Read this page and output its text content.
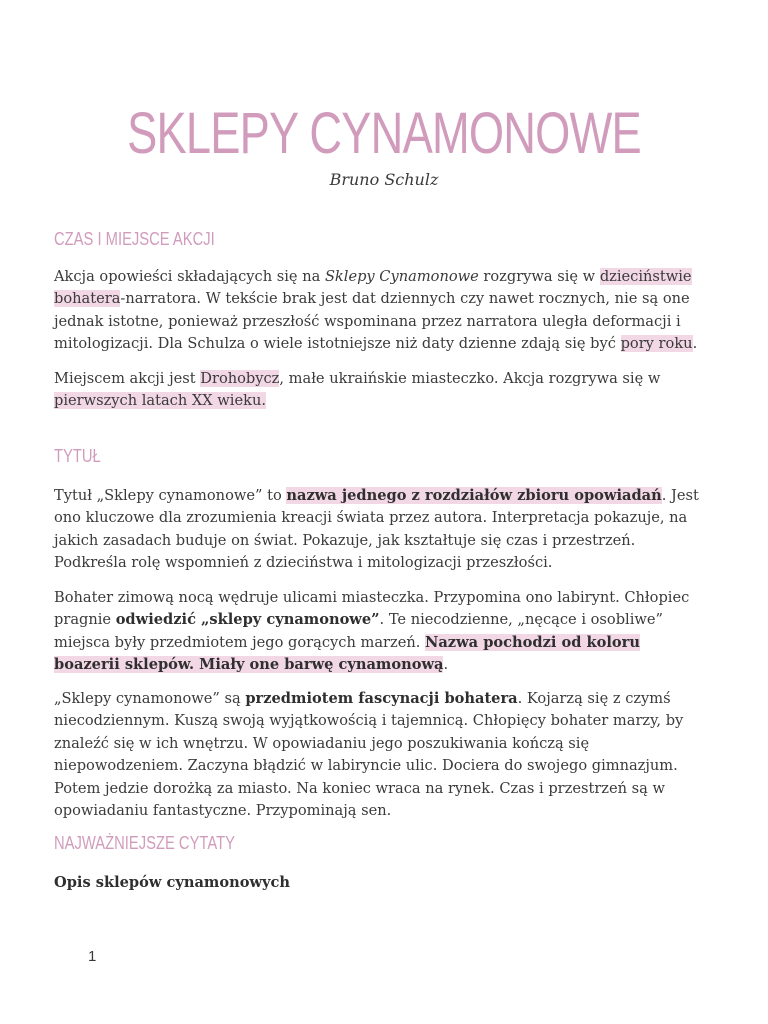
SKLEPY CYNAMONOWE
Bruno Schulz
CZAS I MIEJSCE AKCJI
Akcja opowieści składających się na Sklepy Cynamonowe rozgrywa się w dzieciństwie bohatera-narratora. W tekście brak jest dat dziennych czy nawet rocznych, nie są one jednak istotne, ponieważ przeszłość wspominana przez narratora uległa deformacji i mitologizacji. Dla Schulza o wiele istotniejsze niż daty dzienne zdają się być pory roku.
Miejscem akcji jest Drohobycz, małe ukraińskie miasteczko. Akcja rozgrywa się w pierwszych latach XX wieku.
TYTUŁ
Tytuł „Sklepy cynamonowe” to nazwa jednego z rozdziałów zbioru opowiadań. Jest ono kluczowe dla zrozumienia kreacji świata przez autora. Interpretacja pokazuje, na jakich zasadach buduje on świat. Pokazuje, jak kształtuje się czas i przestrzeń. Podkreśla rolę wspomnień z dzieciństwa i mitologizacji przeszłości.
Bohater zimową nocą wędruje ulicami miasteczka. Przypomina ono labirynt. Chłopiec pragnie odwiedzić „sklepy cynamonowe”. Te niecodzienne, „nęcące i osobliwe” miejsca były przedmiotem jego gorących marzeń. Nazwa pochodzi od koloru boazerii sklepów. Miały one barwę cynamonową.
„Sklepy cynamonowe” są przedmiotem fascynacji bohatera. Kojarzą się z czymś niecodziennym. Kuszą swoją wyjątkowością i tajemnicą. Chłopięcy bohater marzy, by znaleźć się w ich wnętrzu. W opowiadaniu jego poszukiwania kończą się niepowodzeniem. Zaczyna błądzić w labiryncie ulic. Dociera do swojego gimnazjum. Potem jedzie dorożką za miasto. Na koniec wraca na rynek. Czas i przestrzeń są w opowiadaniu fantastyczne. Przypominają sen.
NAJWAŻNIEJSZE CYTATY
Opis sklepów cynamonowych
1
